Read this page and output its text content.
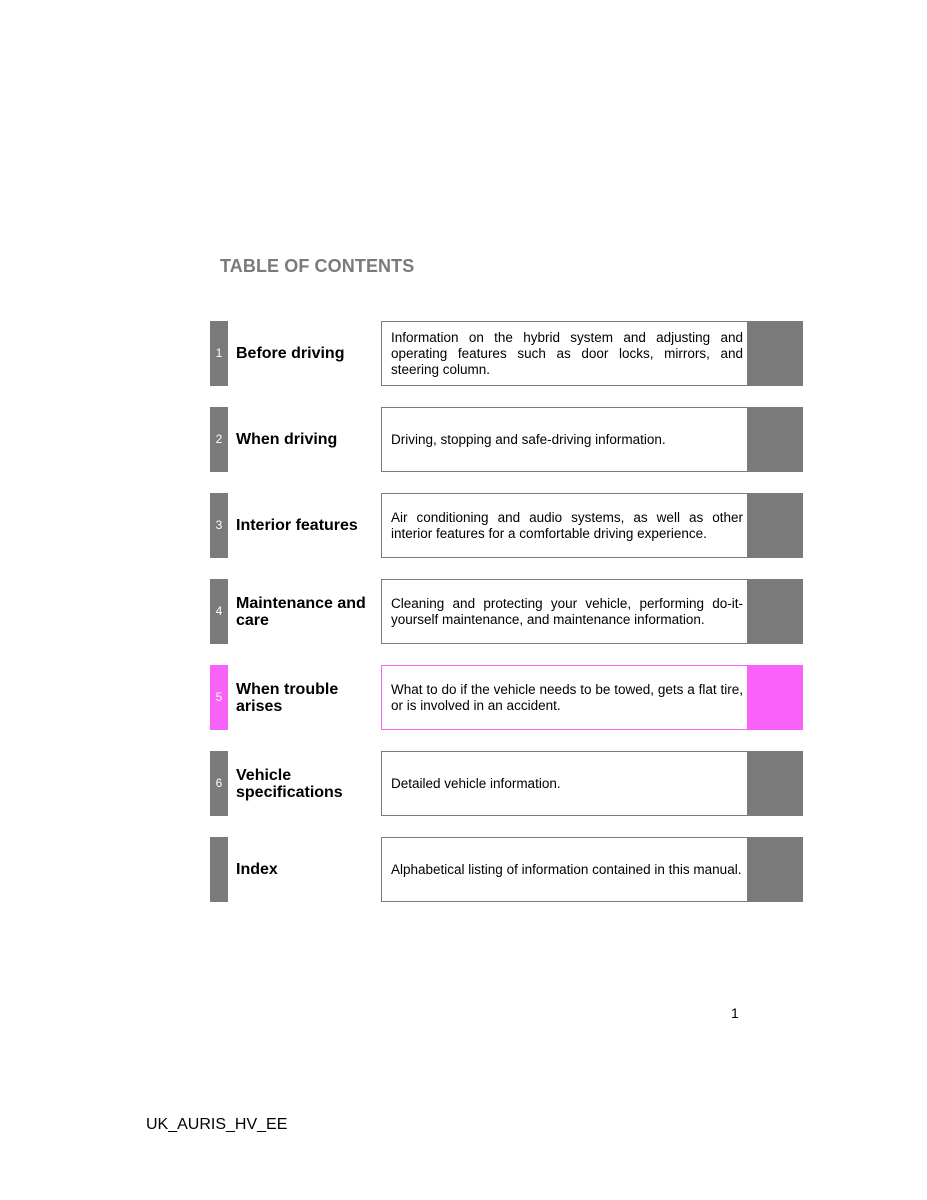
TABLE OF CONTENTS
1 Before driving
Information on the hybrid system and adjusting and operating features such as door locks, mirrors, and steering column.
2 When driving	Driving, stopping and safe-driving information.
3 Interior features Air conditioning and audio systems, as well as other interior features for a comfortable driving experience.
4 Maintenance and care
Cleaning and protecting your vehicle, performing do-it-yourself maintenance, and maintenance information.
5 When trouble arises
What to do if the vehicle needs to be towed, gets a flat tire, or is involved in an accident.
6 Vehicle specifications
Detailed vehicle information.
Index	Alphabetical listing of information contained in this manual.
1
UK_AURIS_HV_EE
